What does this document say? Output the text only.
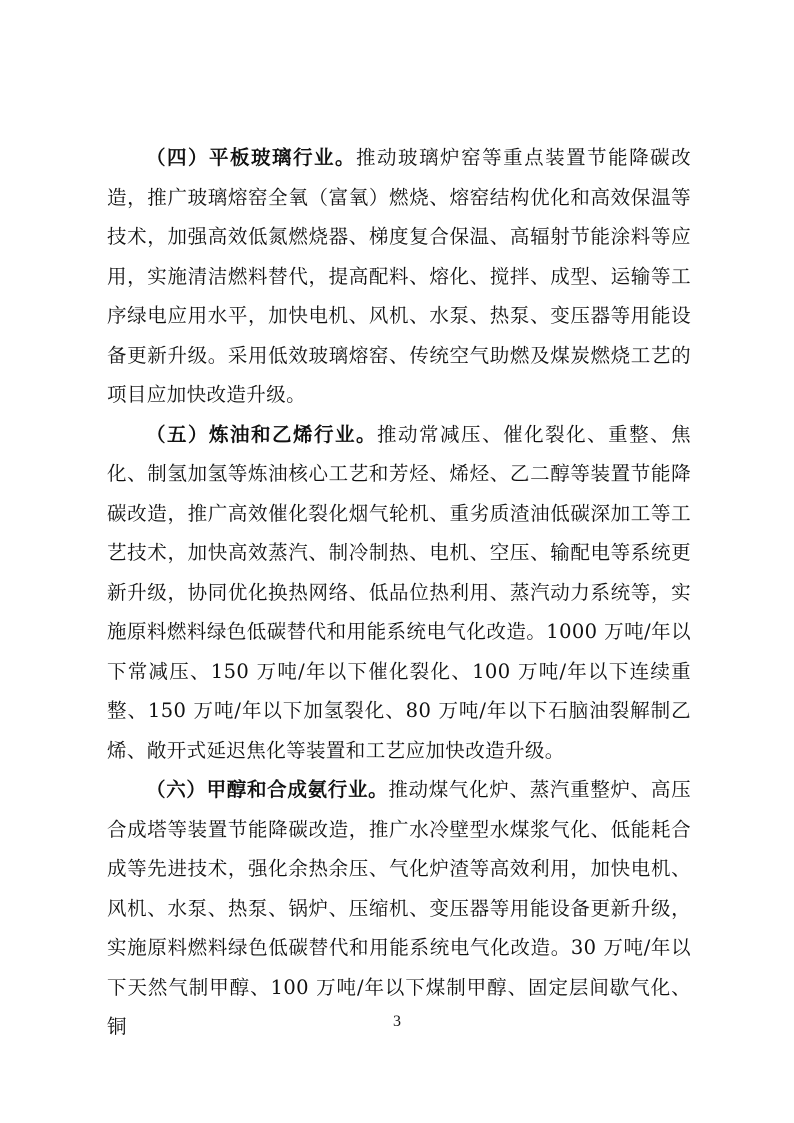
（四）平板玻璃行业。推动玻璃炉窑等重点装置节能降碳改造，推广玻璃熔窑全氧（富氧）燃烧、熔窑结构优化和高效保温等技术，加强高效低氮燃烧器、梯度复合保温、高辐射节能涂料等应用，实施清洁燃料替代，提高配料、熔化、搅拌、成型、运输等工序绿电应用水平，加快电机、风机、水泵、热泵、变压器等用能设备更新升级。采用低效玻璃熔窑、传统空气助燃及煤炭燃烧工艺的项目应加快改造升级。

（五）炼油和乙烯行业。推动常减压、催化裂化、重整、焦化、制氢加氢等炼油核心工艺和芳烃、烯烃、乙二醇等装置节能降碳改造，推广高效催化裂化烟气轮机、重劣质渣油低碳深加工等工艺技术，加快高效蒸汽、制冷制热、电机、空压、输配电等系统更新升级，协同优化换热网络、低品位热利用、蒸汽动力系统等，实施原料燃料绿色低碳替代和用能系统电气化改造。1000 万吨/年以下常减压、150 万吨/年以下催化裂化、100 万吨/年以下连续重整、150 万吨/年以下加氢裂化、80 万吨/年以下石脑油裂解制乙烯、敞开式延迟焦化等装置和工艺应加快改造升级。

（六）甲醇和合成氨行业。推动煤气化炉、蒸汽重整炉、高压合成塔等装置节能降碳改造，推广水冷壁型水煤浆气化、低能耗合成等先进技术，强化余热余压、气化炉渣等高效利用，加快电机、风机、水泵、热泵、锅炉、压缩机、变压器等用能设备更新升级，实施原料燃料绿色低碳替代和用能系统电气化改造。30 万吨/年以下天然气制甲醇、100 万吨/年以下煤制甲醇、固定层间歇气化、铜	3
